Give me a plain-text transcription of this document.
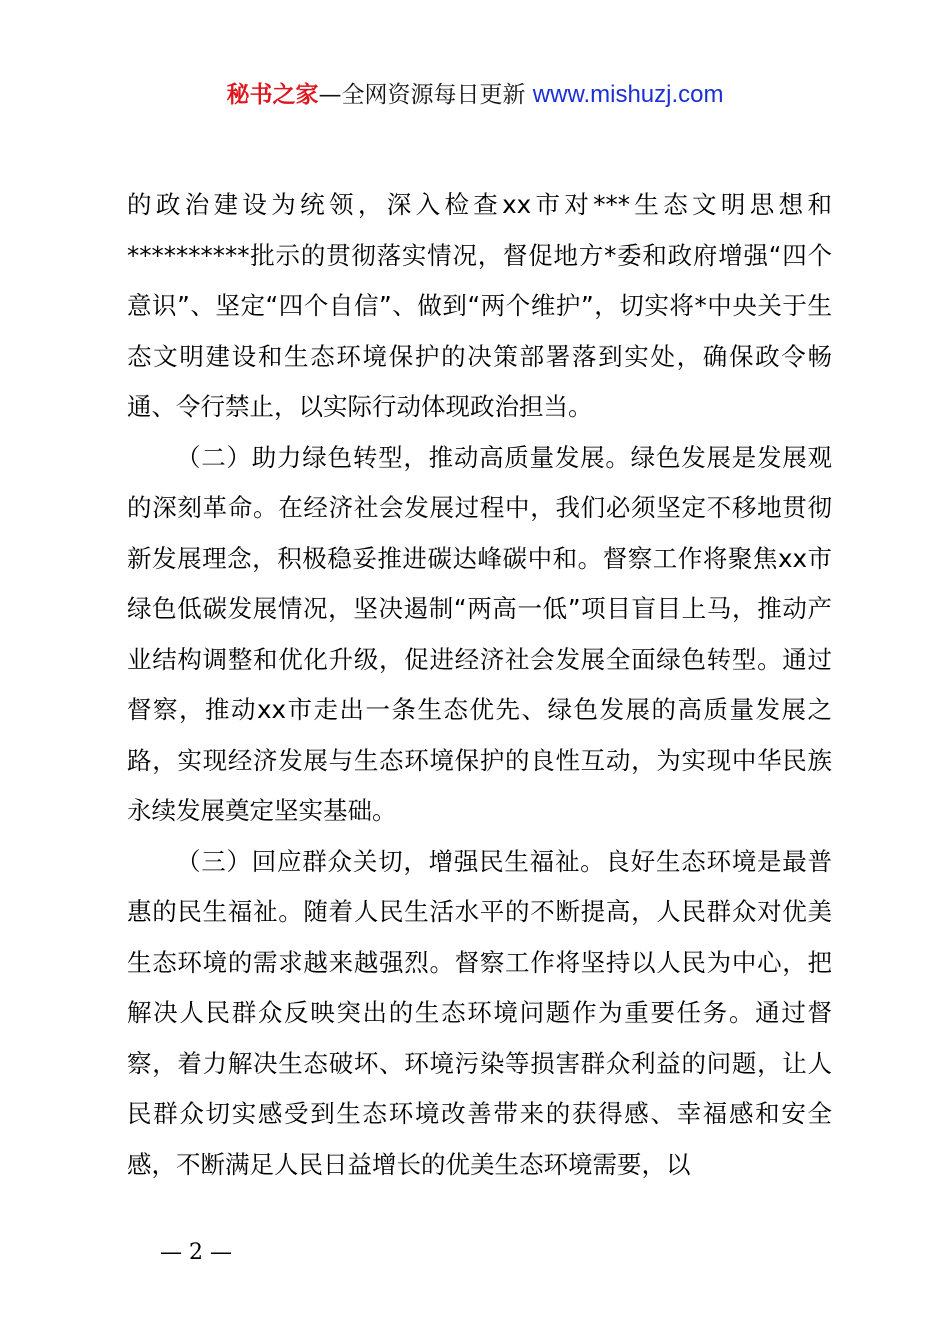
秘书之家—全网资源每日更新 www.mishuzj.com

的政治建设为统领，深入检查xx市对***生态文明思想和**********批示的贯彻落实情况，督促地方*委和政府增强“四个意识”、坚定“四个自信”、做到“两个维护”，切实将*中央关于生态文明建设和生态环境保护的决策部署落到实处，确保政令畅通、令行禁止，以实际行动体现政治担当。

（二）助力绿色转型，推动高质量发展。绿色发展是发展观的深刻革命。在经济社会发展过程中，我们必须坚定不移地贯彻新发展理念，积极稳妥推进碳达峰碳中和。督察工作将聚焦xx市绿色低碳发展情况，坚决遏制“两高一低”项目盲目上马，推动产业结构调整和优化升级，促进经济社会发展全面绿色转型。通过督察，推动xx市走出一条生态优先、绿色发展的高质量发展之路，实现经济发展与生态环境保护的良性互动，为实现中华民族永续发展奠定坚实基础。

（三）回应群众关切，增强民生福祉。良好生态环境是最普惠的民生福祉。随着人民生活水平的不断提高，人民群众对优美生态环境的需求越来越强烈。督察工作将坚持以人民为中心，把解决人民群众反映突出的生态环境问题作为重要任务。通过督察，着力解决生态破坏、环境污染等损害群众利益的问题，让人民群众切实感受到生态环境改善带来的获得感、幸福感和安全感，不断满足人民日益增长的优美生态环境需要，以

— 2 —
